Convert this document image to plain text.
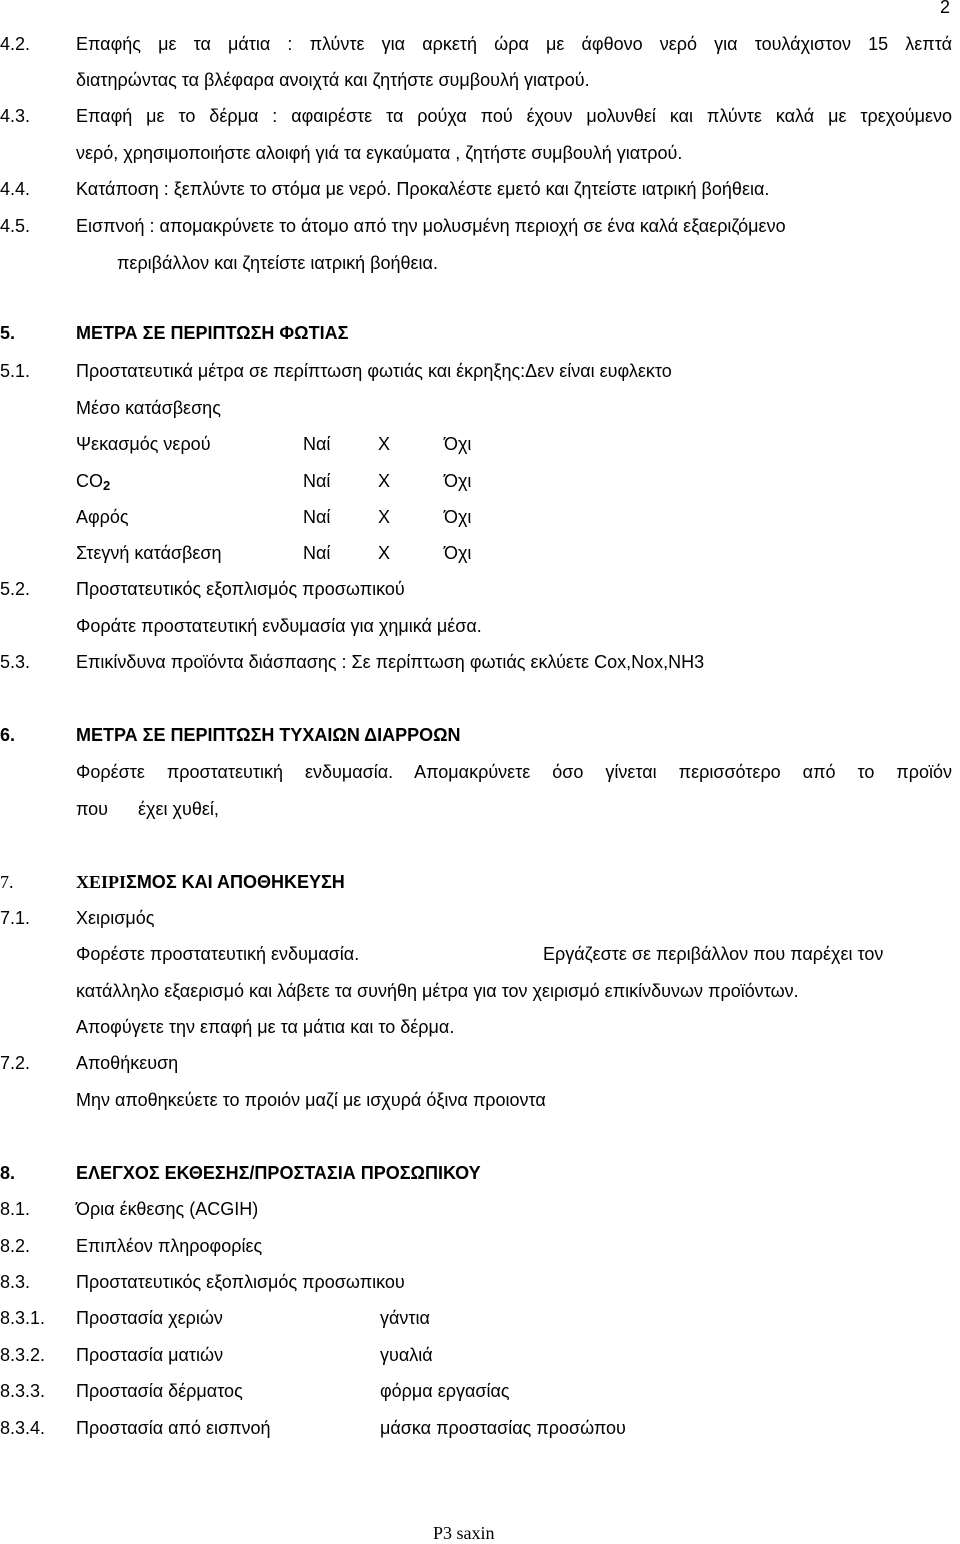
2
4.2.	Επαφής με τα μάτια : πλύντε για αρκετή ώρα με άφθονο νερό για τουλάχιστον 15 λεπτά
διατηρώντας τα βλέφαρα ανοιχτά και ζητήστε συμβουλή γιατρού.
4.3.	Επαφή με το δέρμα : αφαιρέστε τα ρούχα πού έχουν μολυνθεί και πλύντε καλά με τρεχούμενο
νερό, χρησιμοποιήστε αλοιφή γιά τα εγκαύματα , ζητήστε συμβουλή γιατρού.
4.4.	Κατάποση : ξεπλύντε το στόμα με νερό. Προκαλέστε εμετό και ζητείστε ιατρική βοήθεια.
4.5.	Εισπνοή : απομακρύνετε το άτομο από την μολυσμένη περιοχή σε ένα καλά εξαεριζόμενο
περιβάλλον και ζητείστε ιατρική βοήθεια.
5.	ΜΕΤΡΑ ΣΕ ΠΕΡΙΠΤΩΣΗ ΦΩΤΙΑΣ
5.1.	Προστατευτικά μέτρα σε περίπτωση φωτιάς και έκρηξης:Δεν είναι ευφλεκτο
Μέσο κατάσβεσης
Ψεκασμός νερού	Ναί	X	Όχι
$CO_2$	Ναί	X	Όχι
Αφρός	Ναί	X	Όχι
Στεγνή κατάσβεση	Ναί	X	Όχι
5.2.	Προστατευτικός εξοπλισμός προσωπικού
Φοράτε προστατευτική ενδυμασία για χημικά μέσα.
5.3.	Επικίνδυνα προϊόντα διάσπασης : Σε περίπτωση φωτιάς εκλύετε Cox,Nox,NH3
6.	ΜΕΤΡΑ ΣΕ ΠΕΡΙΠΤΩΣΗ ΤΥΧΑΙΩΝ ΔΙΑΡΡΟΩΝ
Φορέστε προστατευτική ενδυμασία. Απομακρύνετε όσο γίνεται περισσότερο από το προϊόν
που      έχει χυθεί,
7.	ΧΕΙΡΙΣΜΟΣ ΚΑΙ ΑΠΟΘΗΚΕΥΣΗ
7.1.	Χειρισμός
Φορέστε προστατευτική ενδυμασία.	Εργάζεστε σε περιβάλλον που παρέχει τον
κατάλληλο εξαερισμό και λάβετε τα συνήθη μέτρα για τον χειρισμό επικίνδυνων προϊόντων.
Αποφύγετε την επαφή με τα μάτια και το δέρμα.
7.2.	Αποθήκευση
Μην αποθηκεύετε το προιόν μαζί με ισχυρά όξινα προιοντα
8.	ΕΛΕΓΧΟΣ ΕΚΘΕΣΗΣ/ΠΡΟΣΤΑΣΙΑ ΠΡΟΣΩΠΙΚΟΥ
8.1.	Όρια έκθεσης (ACGIH)
8.2.	Επιπλέον πληροφορίες
8.3.	Προστατευτικός εξοπλισμός προσωπικου
8.3.1. Προστασία χεριών	γάντια
8.3.2. Προστασία ματιών	γυαλιά
8.3.3. Προστασία δέρματος	φόρμα εργασίας
8.3.4. Προστασία από εισπνοή	μάσκα προστασίας προσώπου
P3 saxin
